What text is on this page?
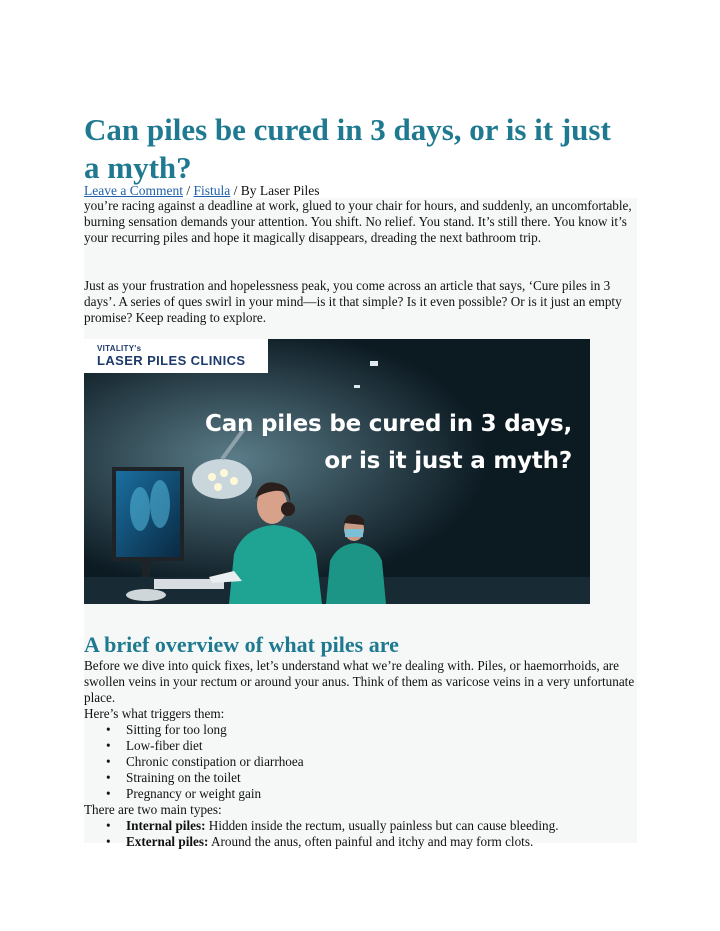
Can piles be cured in 3 days, or is it just a myth?
Leave a Comment / Fistula / By Laser Piles

you’re racing against a deadline at work, glued to your chair for hours, and suddenly, an uncomfortable, burning sensation demands your attention. You shift. No relief. You stand. It’s still there. You know it’s your recurring piles and hope it magically disappears, dreading the next bathroom trip.

Just as your frustration and hopelessness peak, you come across an article that says, ‘Cure piles in 3 days’. A series of ques swirl in your mind—is it that simple? Is it even possible? Or is it just an empty promise? Keep reading to explore.

VITALITY's
LASER PILES CLINICS
Can piles be cured in 3 days,
or is it just a myth?
A brief overview of what piles are

Before we dive into quick fixes, let’s understand what we’re dealing with. Piles, or haemorrhoids, are swollen veins in your rectum or around your anus. Think of them as varicose veins in a very unfortunate place.

Here’s what triggers them:

• Sitting for too long
• Low-fiber diet
• Chronic constipation or diarrhoea
• Straining on the toilet
• Pregnancy or weight gain

There are two main types:

• Internal piles: Hidden inside the rectum, usually painless but can cause bleeding.
• External piles: Around the anus, often painful and itchy and may form clots.
